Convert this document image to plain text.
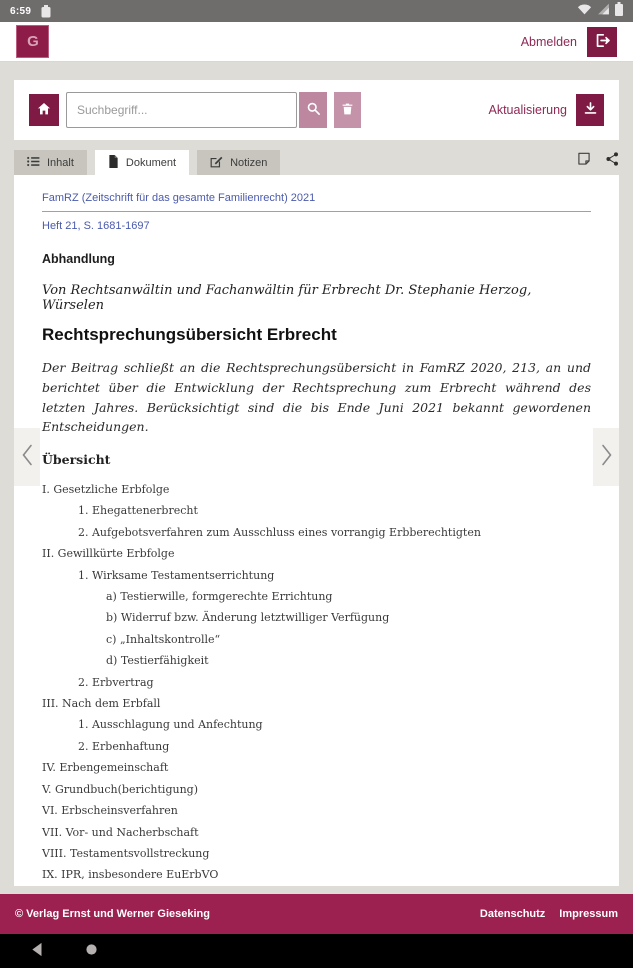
6:59
G	Abmelden
Suchbegriff...
Aktualisierung
Inhalt	Dokument	Notizen
FamRZ (Zeitschrift für das gesamte Familienrecht) 2021
Heft 21, S. 1681-1697
Abhandlung
Von Rechtsanwältin und Fachanwältin für Erbrecht Dr. Stephanie Herzog, Würselen
Rechtsprechungsübersicht Erbrecht

Der Beitrag schließt an die Rechtsprechungsübersicht in FamRZ 2020, 213, an und berichtet über die Entwicklung der Rechtsprechung zum Erbrecht während des letzten Jahres. Berücksichtigt sind die bis Ende Juni 2021 bekannt gewordenen Entscheidungen.

Übersicht
I. Gesetzliche Erbfolge
1. Ehegattenerbrecht
2. Aufgebotsverfahren zum Ausschluss eines vorrangig Erbberechtigten
II. Gewillkürte Erbfolge
1. Wirksame Testamentserrichtung
a) Testierwille, formgerechte Errichtung
b) Widerruf bzw. Änderung letztwilliger Verfügung
c) „Inhaltskontrolle“
d) Testierfähigkeit
2. Erbvertrag
III. Nach dem Erbfall
1. Ausschlagung und Anfechtung
2. Erbenhaftung
IV. Erbengemeinschaft
V. Grundbuch(berichtigung)
VI. Erbscheinsverfahren
VII. Vor- und Nacherbschaft
VIII. Testamentsvollstreckung
IX. IPR, insbesondere EuErbVO
© Verlag Ernst und Werner Gieseking	Datenschutz Impressum
